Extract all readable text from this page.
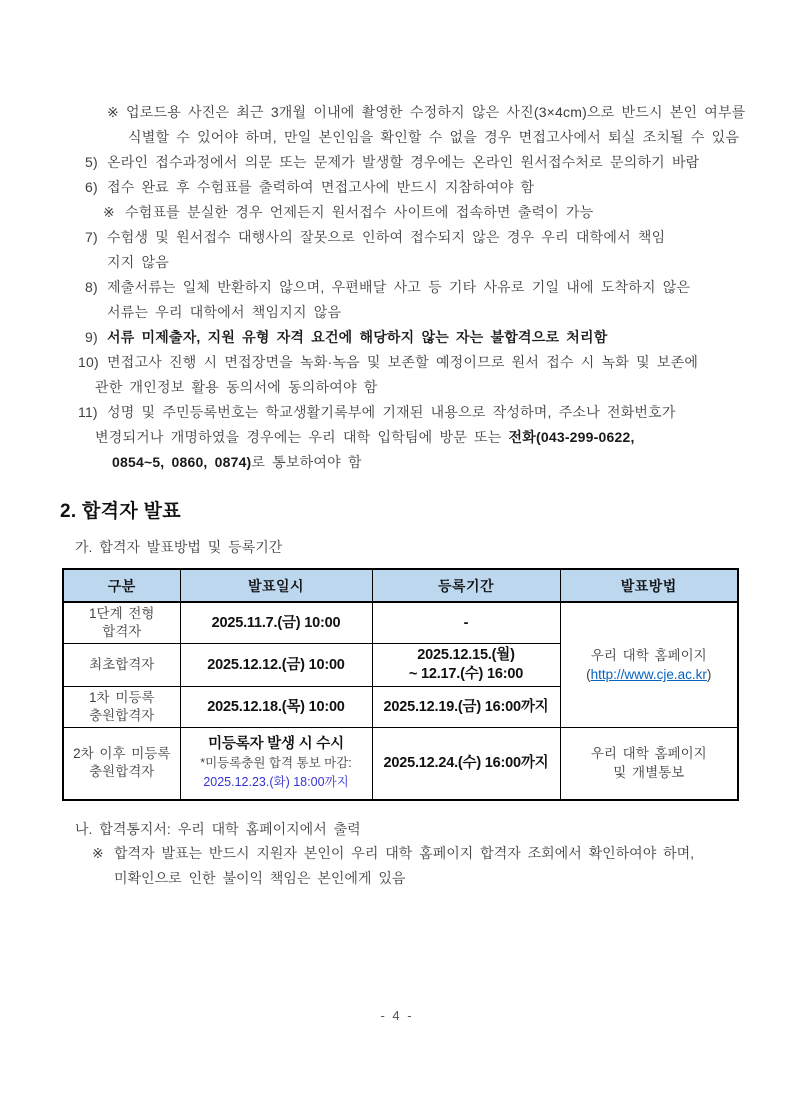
※ 업로드용 사진은 최근 3개월 이내에 촬영한 수정하지 않은 사진(3×4cm)으로 반드시 본인 여부를
식별할 수 있어야 하며, 만일 본인임을 확인할 수 없을 경우 면접고사에서 퇴실 조치될 수 있음
5) 온라인 접수과정에서 의문 또는 문제가 발생할 경우에는 온라인 원서접수처로 문의하기 바람
6) 접수 완료 후 수험표를 출력하여 면접고사에 반드시 지참하여야 함
※ 수험표를 분실한 경우 언제든지 원서접수 사이트에 접속하면 출력이 가능
7) 수험생 및 원서접수 대행사의 잘못으로 인하여 접수되지 않은 경우 우리 대학에서 책임
지지 않음
8) 제출서류는 일체 반환하지 않으며, 우편배달 사고 등 기타 사유로 기일 내에 도착하지 않은
서류는 우리 대학에서 책임지지 않음
9) 서류 미제출자, 지원 유형 자격 요건에 해당하지 않는 자는 불합격으로 처리함
10) 면접고사 진행 시 면접장면을 녹화·녹음 및 보존할 예정이므로 원서 접수 시 녹화 및 보존에
관한 개인정보 활용 동의서에 동의하여야 함
11) 성명 및 주민등록번호는 학교생활기록부에 기재된 내용으로 작성하며, 주소나 전화번호가
변경되거나 개명하였을 경우에는 우리 대학 입학팀에 방문 또는 전화(043-299-0622,
0854~5, 0860, 0874)로 통보하여야 함
2. 합격자 발표
가. 합격자 발표방법 및 등록기간
구분	발표일시	등록기간	발표방법

1단계 전형
합격자	2025.11.7.(금) 10:00	-	우리 대학 홈페이지
(http://www.cje.ac.kr)

최초합격자	2025.12.12.(금) 10:00	2025.12.15.(월)
~ 12.17.(수) 16:00	

1차 미등록
충원합격자	2025.12.18.(목) 10:00	2025.12.19.(금) 16:00까지	

2차 이후 미등록
충원합격자	미등록자 발생 시 수시
*미등록충원 합격 통보 마감:
2025.12.23.(화) 18:00까지	2025.12.24.(수) 16:00까지	우리 대학 홈페이지
및 개별통보
나. 합격통지서: 우리 대학 홈페이지에서 출력
※ 합격자 발표는 반드시 지원자 본인이 우리 대학 홈페이지 합격자 조회에서 확인하여야 하며,
미확인으로 인한 불이익 책임은 본인에게 있음
- 4 -
